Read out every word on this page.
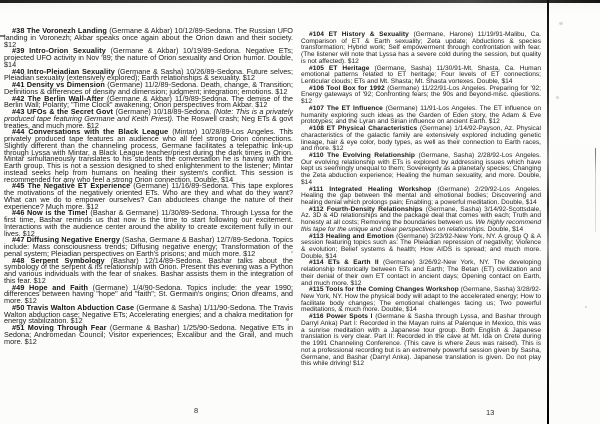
#38 The Voronezh Landing (Germane & Akbar) 10/12/89-Sedona. The Russian UFO landing in Voronezh; Akbar speaks once again about the Orion dawn and their society. $12

#39 Intro-Orion Sexuality (Germane & Akbar) 10/19/89-Sedona. Negative ETs; projected UFO activity in Nov '89; the nature of Orion sexuality and Orion humor. Double, $14

#40 Intro-Pleiadian Sexuality (Germane & Sasha) 10/26/89-Sedona. Future selves; Pleiadian sexuality (extensively explored); Earth relationships & sexuality. $12

#41 Density vs Dimension (Germane) 11/2/89-Sedona. Death, change, & Transition; Definitions & differences of density and dimension; judgment; integration; emotions. $12

#42 The Berlin Wall-After (Germane & Akbar) 11/9/89-Sedona. The demise of the Berlin Wall; Polarity; "Time Clock" awakening; Orion perspectives from Akbar. $12

#43 UFOs & the Secret Govt (Germane) 10/18/89-Sedona. (Note: This is a privately produced tape featuring Germane and Keith Priest). The Roswell crash; Neg ETs & govt treaties, and much more. $12

#44 Conversations with the Black League (Mintar) 10/28/89-Los Angeles. This privately produced tape features an audience who all feel strong Orion connections. Slightly different than the channeling process, Germane facilitates a telepathic link-up through Lyssa with Mintar, a Black League teacher/priest during the dark times in Orion. Mintar simultaneously translates to his students the conversation he is having with the Earth group. This is not a session designed to shed enlightenment to the listener; Mintar instead seeks help from humans on healing their system's conflict. This session is recommended for any who feel a strong Orion connection. Double, $14

#45 The Negative ET Experience (Germane) 11/16/89-Sedona. This tape explores the motivations of the negatively oriented ETs. Who are they and what do they want? What can we do to empower ourselves? Can abductees change the nature of their experience? Much more. $12

#46 Now is the Time! (Bashar & Germane) 11/30/89-Sedona. Through Lyssa for the first time, Bashar reminds us that now is the time to start following our excitement. Interactions with the audience center around the ability to create excitement fully in our lives. $12

#47 Diffusing Negative Energy (Sasha, Germane & Bashar) 12/7/89-Sedona. Topics include: Mass consciousness trends; Diffusing negative energy; Transformation of the penal system; Pleiadian perspectives on Earth's prisons; and much more. $12

#48 Serpent Symbology (Bashar) 12/14/89-Sedona. Bashar talks about the symbology of the serpent & its relationship with Orion. Present this evening was a Python and various individuals with the fear of snakes. Bashar assists them in the integration of this fear. $12

#49 Hope and Faith (Germane) 1/4/90-Sedona. Topics include: the year 1990; differences between having "hope" and "faith"; St. Germain's origins; Orion dreams, and more. $12

#50 Travis Walton Abduction Case (Germane & Sasha) 1/11/90-Sedona. The Travis Walton abduction case; Negative ETs; Accelerating energies; and a chakra meditation for energy stabilization. $12

#51 Moving Through Fear (Germane & Bashar) 1/25/90-Sedona. Negative ETs in Sedona; Andromedan Council; Visitor experiences; Excalibur and the Grail, and much more. $12

#104 ET History & Sexuality (Germane, Harone) 11/19/91-Malibu, Ca. Comparison of ET & Earth sexuality; Zeta update; Abductions & species transformation; Hybrid work; Self empowerment through confrontation with fear. (The listener will note that Lyssa has a severe cold during the session, but quality is not affected). $12

#105 ET Heritage (Germane, Sasha) 11/30/91-Mt. Shasta, Ca. Human emotional patterns related to ET heritage; Four levels of ET connections; Lenticular clouds; ETs and Mt. Shasta; Mt. Shasta vortexes. Double, $14

#106 Tool Box for 1992 (Germane) 11/22/91-Los Angeles. Preparing for '92; Energy gateways of '92; Confronting fears; the 90s and beyond-misc. questions. $12

#107 The ET Influence (Germane) 11/91-Los Angeles. The ET influence on humanity exploring such ideas as the Garden of Eden story, the Adam & Eve prototypes; and the Lyran and Sirian influence on ancient Earth. $12

#108 ET Physical Characteristics (Germane) 1/14/92-Payson, Az. Physical characteristics of the galactic family are extensively explored including genetic lineage, hair & eye color, body types, as well as their connection to Earth races, and more. $12

#110 The Evolving Relationship (Germane, Sasha) 2/28/92-Los Angeles. Our evolving relationship with ETs is explored by addressing issues which have kept us seemingly unequal to them; Sovereignty as a planetary species; Changing the Zeta abduction experience; Healing the human sexuality, and more. Double, $14

#111 Integrated Healing Workshop (Germane) 2/29/92-Los Angeles. Healing the gap between the mental and emotional bodies; Discovering and healing denial which prolongs pain; Enabling; a powerful meditation. Double, $14

#112 Fourth-Density Relationships (Germane, Sasha) 3/14/92-Scottsdale, Az. 3D & 4D relationships and the package deal that comes with each; Truth and honesty at all costs; Removing the boundaries between us. We highly recommend this tape for the unique and clear perspectives on relationships. Double, $14

#113 Healing and Emotion (Germane) 3/23/92-New York, NY. A group Q & A session featuring topics such as: The Pleiadian repression of negativity; Violence & evolution; Belief systems & health; How AIDS is spread; and much more. Double, $14

#114 ETs & Earth II (Germane) 3/26/92-New York, NY. The developing relationship historically between ETs and Earth; The Betan (ET) civilization and their denial of their own ET contact in ancient days; Opening contact on Earth, and much more. $12

#115 Tools for the Coming Changes Workshop (Germane, Sasha) 3/28/92-New York, NY. How the physical body will adapt to the accelerated energy; How to facilitate body changes; The emotional challenges facing us; Two powerful meditations, & much more. Double, $14

#116 Power Spots I (Germane & Sasha through Lyssa, and Bashar through Darryl Anka) Part I: Recorded in the Mayan ruins at Palenque in Mexico, this was a sunrise meditation with a Japanese tour group. Both English & Japanese translation is very clear. Part II: Recorded in the cave at Mt. Ida on Crete during the 1991 Channeling Conference. (This cave is where Zeus was raised). This is not a professional recording but is an extremely powerful session given by Sasha, Germane, and Bashar (Darryl Anka). Japanese translation is given. Do not play this while driving! $12

8	13
